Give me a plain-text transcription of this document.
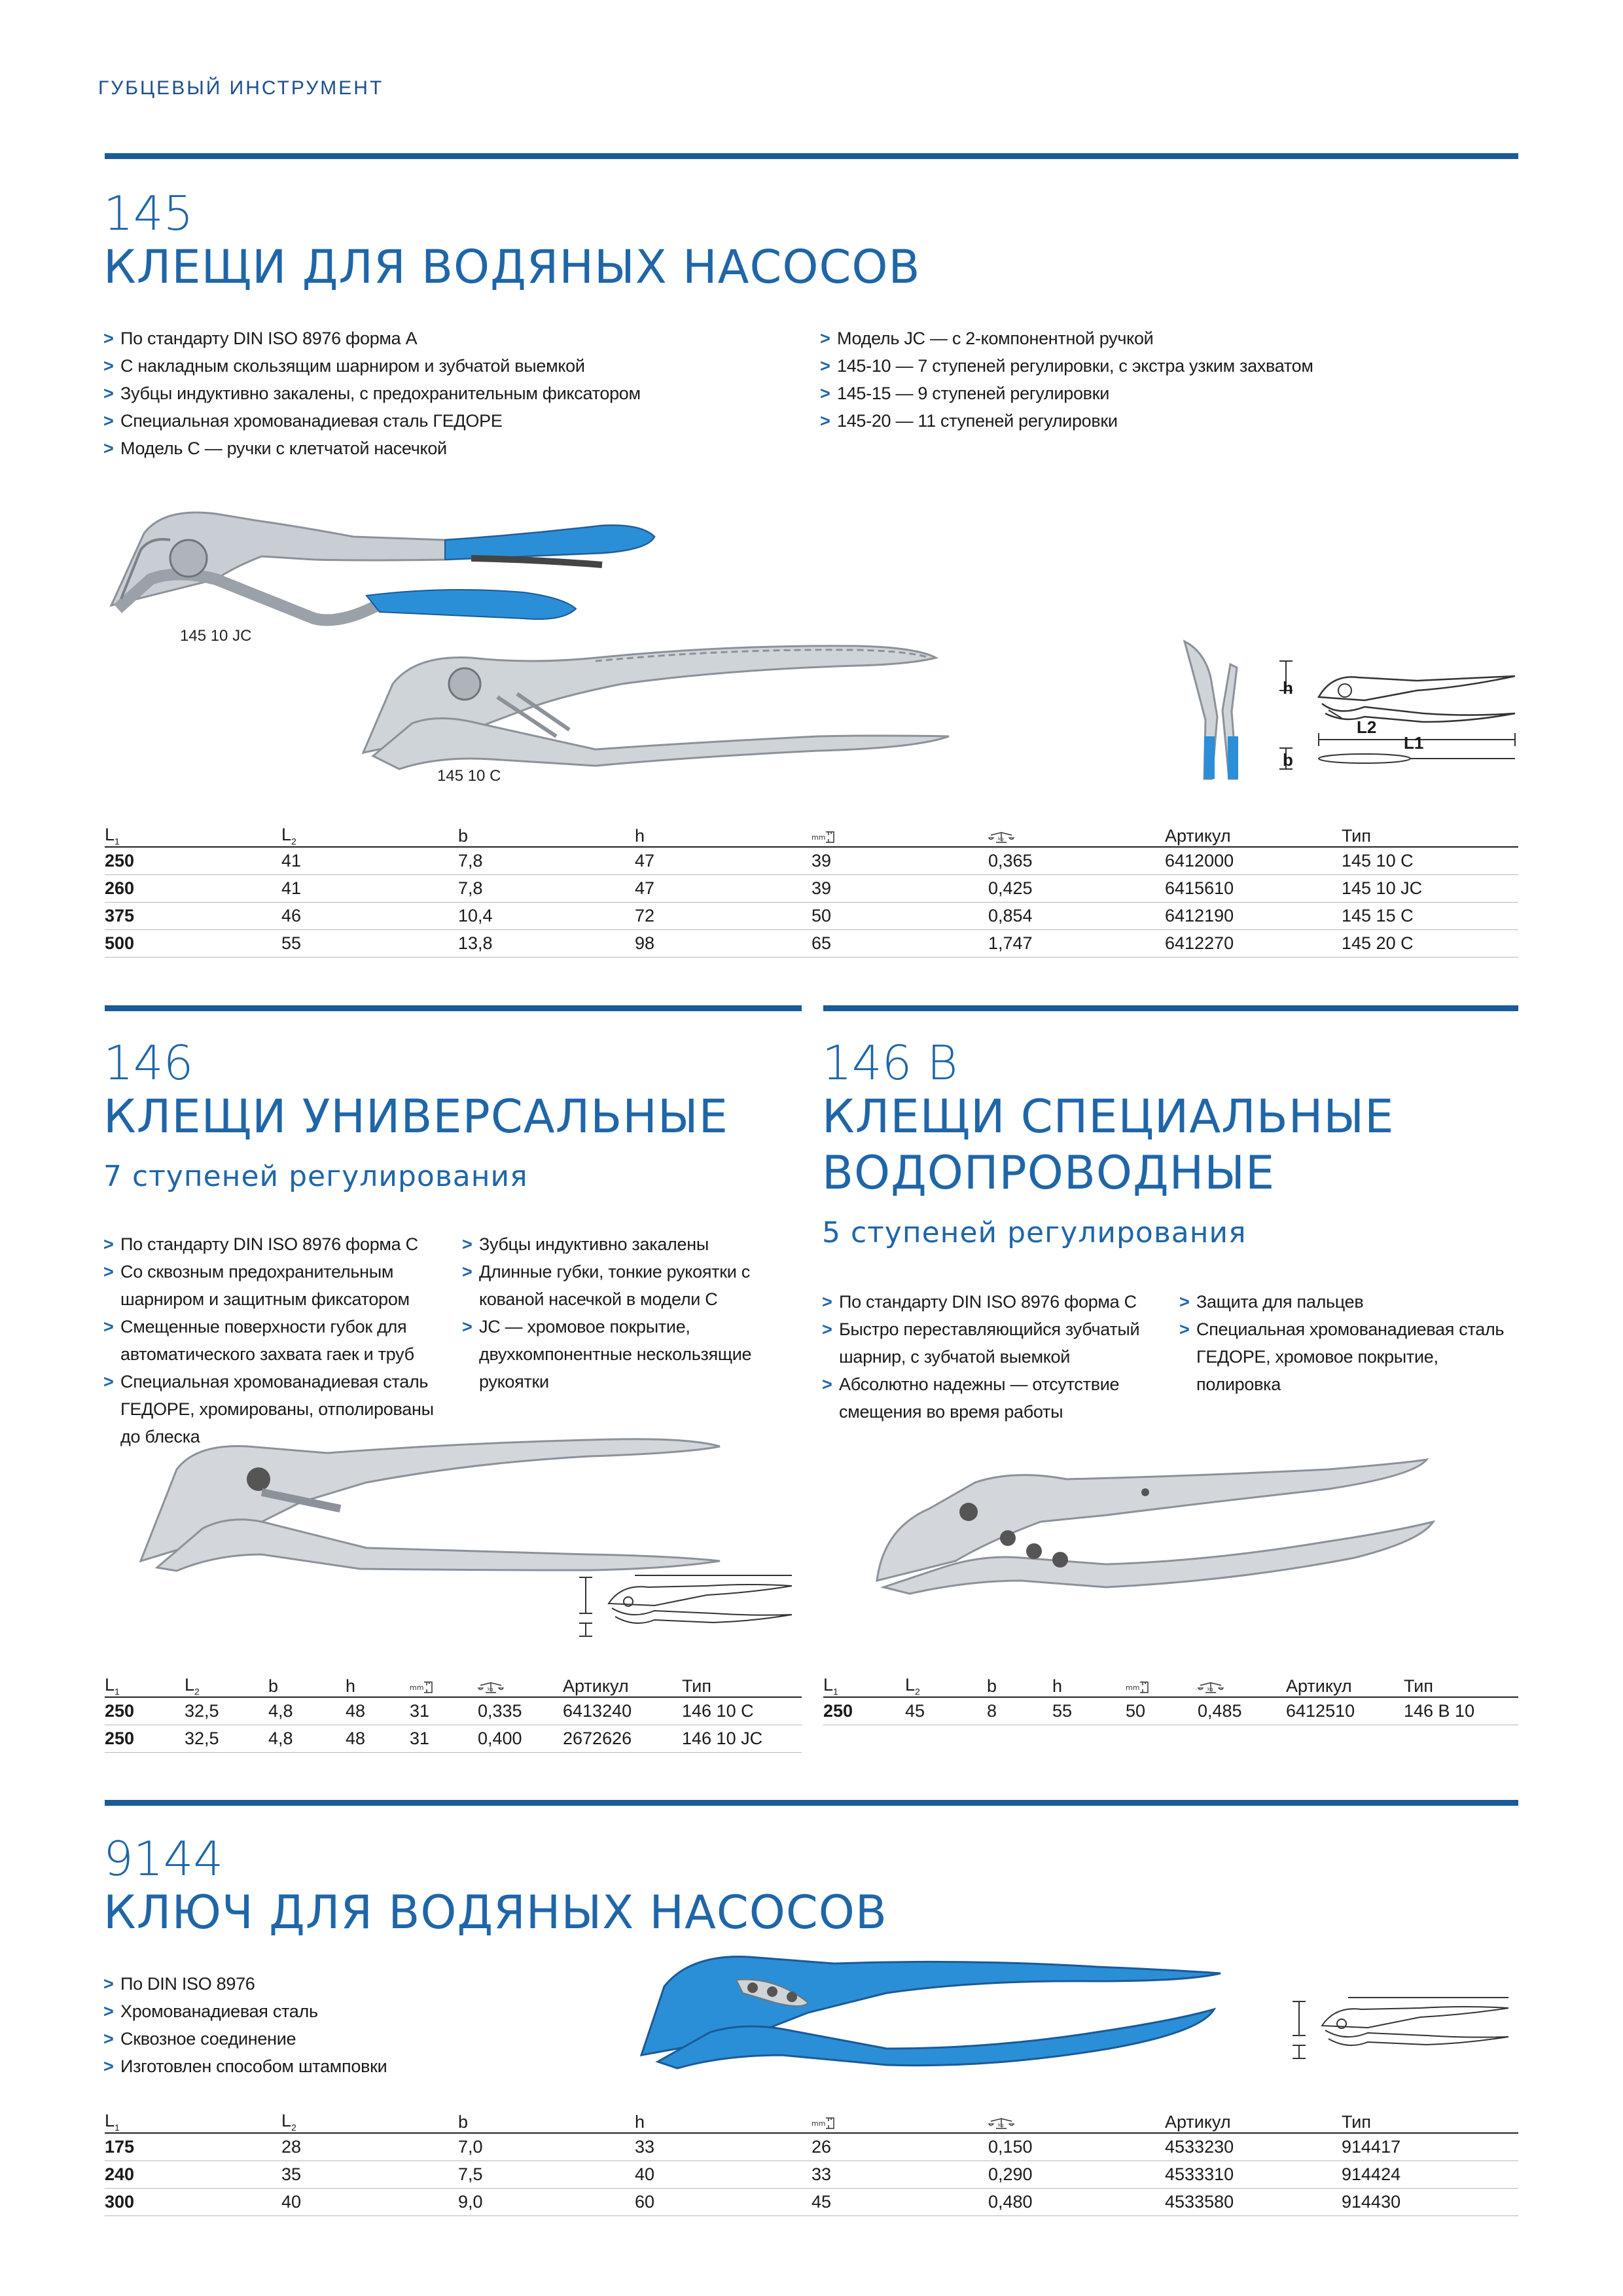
ГУБЦЕВЫЙ ИНСТРУМЕНТ
145
КЛЕЩИ ДЛЯ ВОДЯНЫХ НАСОСОВ
> По стандарту DIN ISO 8976 форма A
> С накладным скользящим шарниром и зубчатой выемкой
> Зубцы индуктивно закалены, с предохранительным фиксатором
> Специальная хромованадиевая сталь ГЕДОРЕ
> Модель C — ручки с клетчатой насечкой
> Модель JC — с 2-компонентной ручкой
> 145-10 — 7 ступеней регулировки, с экстра узким захватом
> 145-15 — 9 ступеней регулировки
> 145-20 — 11 ступеней регулировки
145 10 JC
145 10 C
h
L2
L1
b
$L_1$	$L_2$	b	h			Артикул	Тип
250	41	7,8	47	39	0,365	6412000	145 10 C
260	41	7,8	47	39	0,425	6415610	145 10 JC
375	46	10,4	72	50	0,854	6412190	145 15 C
500	55	13,8	98	65	1,747	6412270	145 20 C
146
КЛЕЩИ УНИВЕРСАЛЬНЫЕ
7 ступеней регулирования
> По стандарту DIN ISO 8976 форма C
> Со сквозным предохранительным шарниром и защитным фиксатором
> Смещенные поверхности губок для автоматического захвата гаек и труб
> Специальная хромованадиевая сталь ГЕДОРЕ, хромированы, отполированы до блеска
> Зубцы индуктивно закалены
> Длинные губки, тонкие рукоятки с кованой насечкой в модели C
> JC — хромовое покрытие, двухкомпонентные нескользящие рукоятки
$L_1$	$L_2$	b	h			Артикул	Тип
250	32,5	4,8	48	31	0,335	6413240	146 10 C
250	32,5	4,8	48	31	0,400	2672626	146 10 JC
146 B
КЛЕЩИ СПЕЦИАЛЬНЫЕ
ВОДОПРОВОДНЫЕ
5 ступеней регулирования
> По стандарту DIN ISO 8976 форма C
> Быстро переставляющийся зубчатый шарнир, с зубчатой выемкой
> Абсолютно надежны — отсутствие смещения во время работы
> Защита для пальцев
> Специальная хромованадиевая сталь ГЕДОРЕ, хромовое покрытие, полировка
$L_1$	$L_2$	b	h			Артикул	Тип
250	45	8	55	50	0,485	6412510	146 B 10
9144
КЛЮЧ ДЛЯ ВОДЯНЫХ НАСОСОВ
> По DIN ISO 8976
> Хромованадиевая сталь
> Сквозное соединение
> Изготовлен способом штамповки
$L_1$	$L_2$	b	h			Артикул	Тип
175	28	7,0	33	26	0,150	4533230	914417
240	35	7,5	40	33	0,290	4533310	914424
300	40	9,0	60	45	0,480	4533580	914430
